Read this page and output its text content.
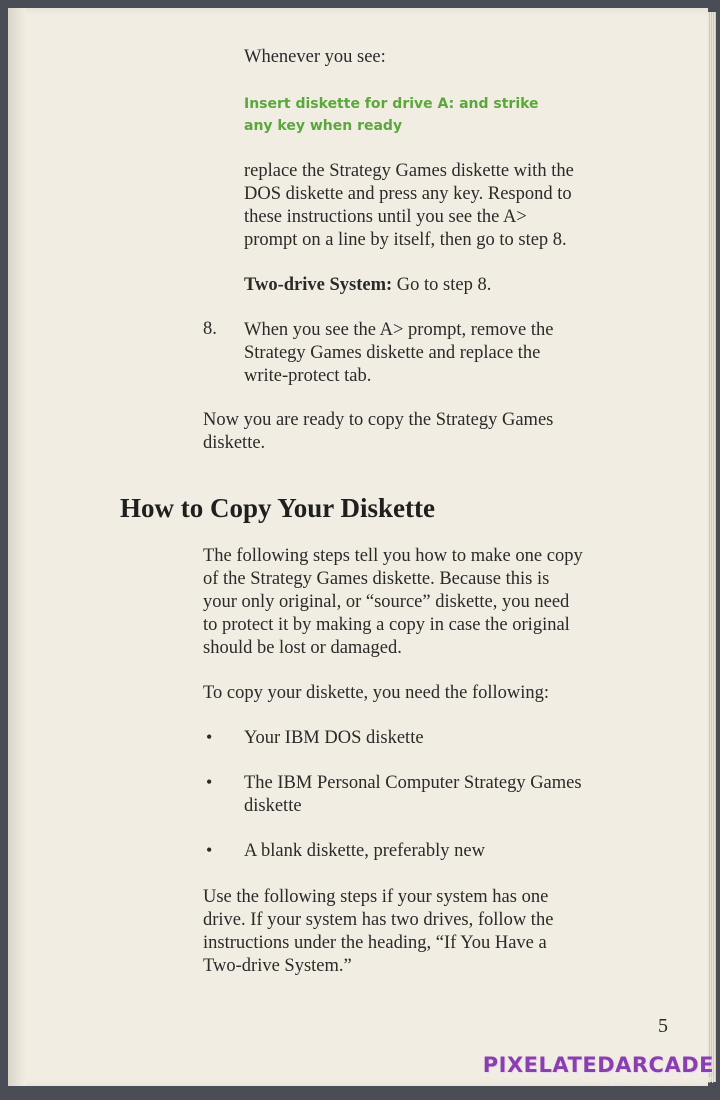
Whenever you see:
Insert diskette for drive A: and strike
any key when ready
replace the Strategy Games diskette with the
DOS diskette and press any key. Respond to
these instructions until you see the A>
prompt on a line by itself, then go to step 8.
Two-drive System: Go to step 8.
8. When you see the A> prompt, remove the
Strategy Games diskette and replace the
write-protect tab.
Now you are ready to copy the Strategy Games
diskette.
How to Copy Your Diskette
The following steps tell you how to make one copy
of the Strategy Games diskette. Because this is
your only original, or “source” diskette, you need
to protect it by making a copy in case the original
should be lost or damaged.
To copy your diskette, you need the following:
• Your IBM DOS diskette
• The IBM Personal Computer Strategy Games
diskette
• A blank diskette, preferably new
Use the following steps if your system has one
drive. If your system has two drives, follow the
instructions under the heading, “If You Have a
Two-drive System.”
5
PIXELATEDARCADE
www.pixelatedarcade.com
